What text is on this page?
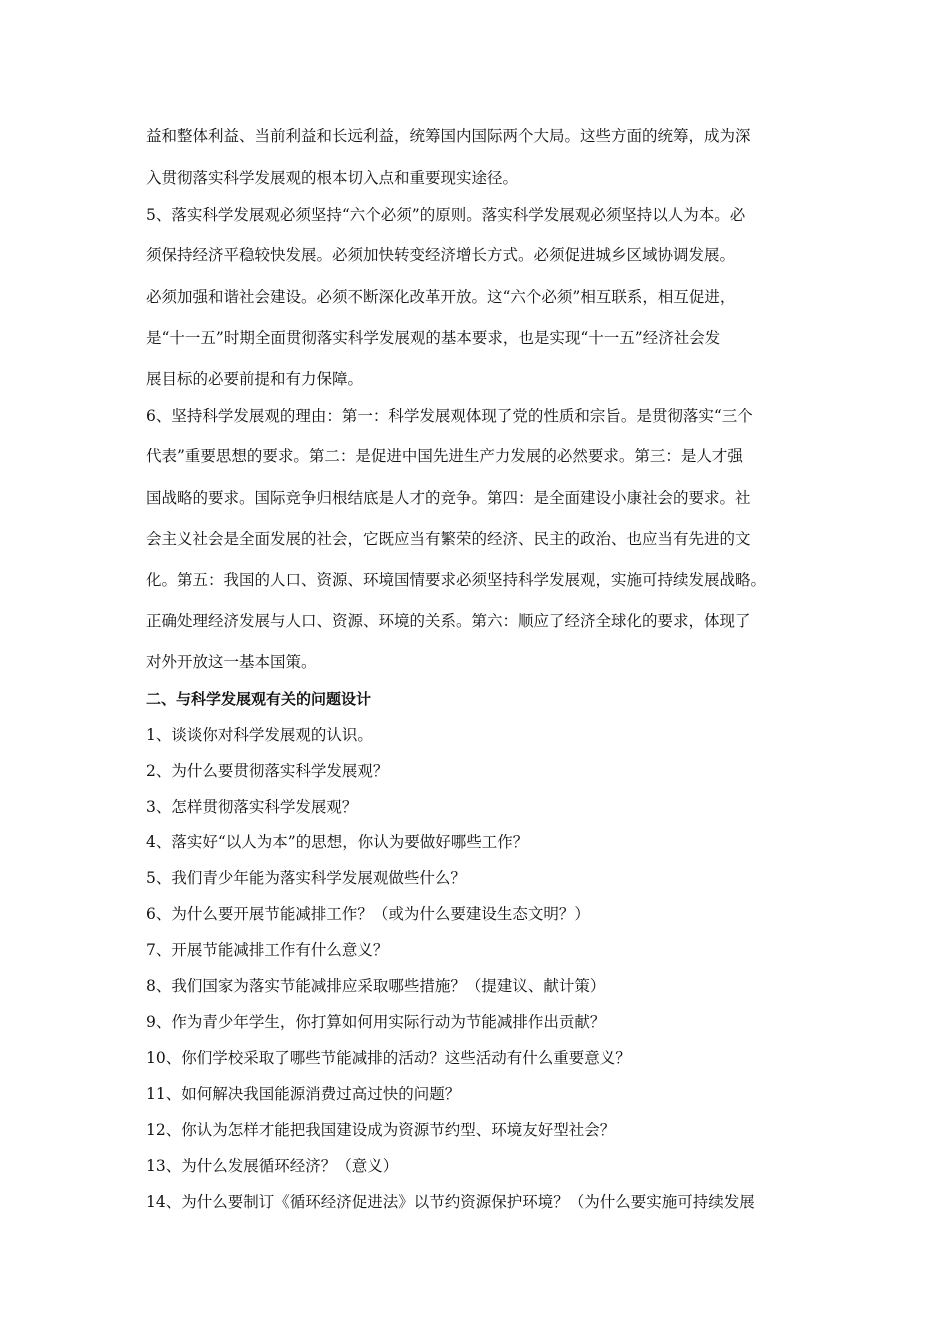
益和整体利益、当前利益和长远利益，统筹国内国际两个大局。这些方面的统筹，成为深
入贯彻落实科学发展观的根本切入点和重要现实途径。
5、落实科学发展观必须坚持“六个必须”的原则。落实科学发展观必须坚持以人为本。必
须保持经济平稳较快发展。必须加快转变经济增长方式。必须促进城乡区域协调发展。
必须加强和谐社会建设。必须不断深化改革开放。这“六个必须”相互联系，相互促进，
是“十一五”时期全面贯彻落实科学发展观的基本要求，也是实现“十一五”经济社会发
展目标的必要前提和有力保障。
6、坚持科学发展观的理由：第一：科学发展观体现了党的性质和宗旨。是贯彻落实“三个
代表”重要思想的要求。第二：是促进中国先进生产力发展的必然要求。第三：是人才强
国战略的要求。国际竞争归根结底是人才的竞争。第四：是全面建设小康社会的要求。社
会主义社会是全面发展的社会，它既应当有繁荣的经济、民主的政治、也应当有先进的文
化。第五：我国的人口、资源、环境国情要求必须坚持科学发展观，实施可持续发展战略。
正确处理经济发展与人口、资源、环境的关系。第六：顺应了经济全球化的要求，体现了
对外开放这一基本国策。
二、与科学发展观有关的问题设计
1、谈谈你对科学发展观的认识。
2、为什么要贯彻落实科学发展观？
3、怎样贯彻落实科学发展观？
4、落实好“以人为本”的思想，你认为要做好哪些工作？
5、我们青少年能为落实科学发展观做些什么？
6、为什么要开展节能减排工作？（或为什么要建设生态文明？）
7、开展节能减排工作有什么意义？
8、我们国家为落实节能减排应采取哪些措施？（提建议、献计策）
9、作为青少年学生，你打算如何用实际行动为节能减排作出贡献？
10、你们学校采取了哪些节能减排的活动？这些活动有什么重要意义？
11、如何解决我国能源消费过高过快的问题？
12、你认为怎样才能把我国建设成为资源节约型、环境友好型社会？
13、为什么发展循环经济？（意义）
14、为什么要制订《循环经济促进法》以节约资源保护环境？（为什么要实施可持续发展
